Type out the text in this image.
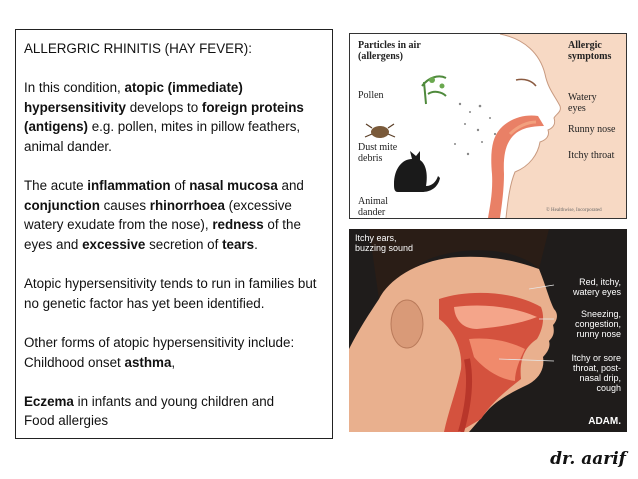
ALLERGRIC RHINITIS (HAY FEVER):

In this condition, atopic (immediate) hypersensitivity develops to foreign proteins (antigens) e.g. pollen, mites in pillow feathers, animal dander.

The acute inflammation of nasal mucosa and conjunction causes rhinorrhoea (excessive watery exudate from the nose), redness of the eyes and excessive secretion of tears.

Atopic hypersensitivity tends to run in families but no genetic factor has yet been identified.

Other forms of atopic hypersensitivity include:
Childhood onset asthma,

Eczema in infants and young children and
Food allergies

Particles in air
(allergens)
Allergic
symptoms
Pollen
Dust mite
debris
Animal
dander
Watery
eyes
Runny nose
Itchy throat
© Healthwise, Incorporated
Itchy ears,
buzzing sound
Red, itchy,
watery eyes
Sneezing,
congestion,
runny nose
Itchy or sore
throat, post-
nasal drip,
cough
ADAM.
dr. aarif
